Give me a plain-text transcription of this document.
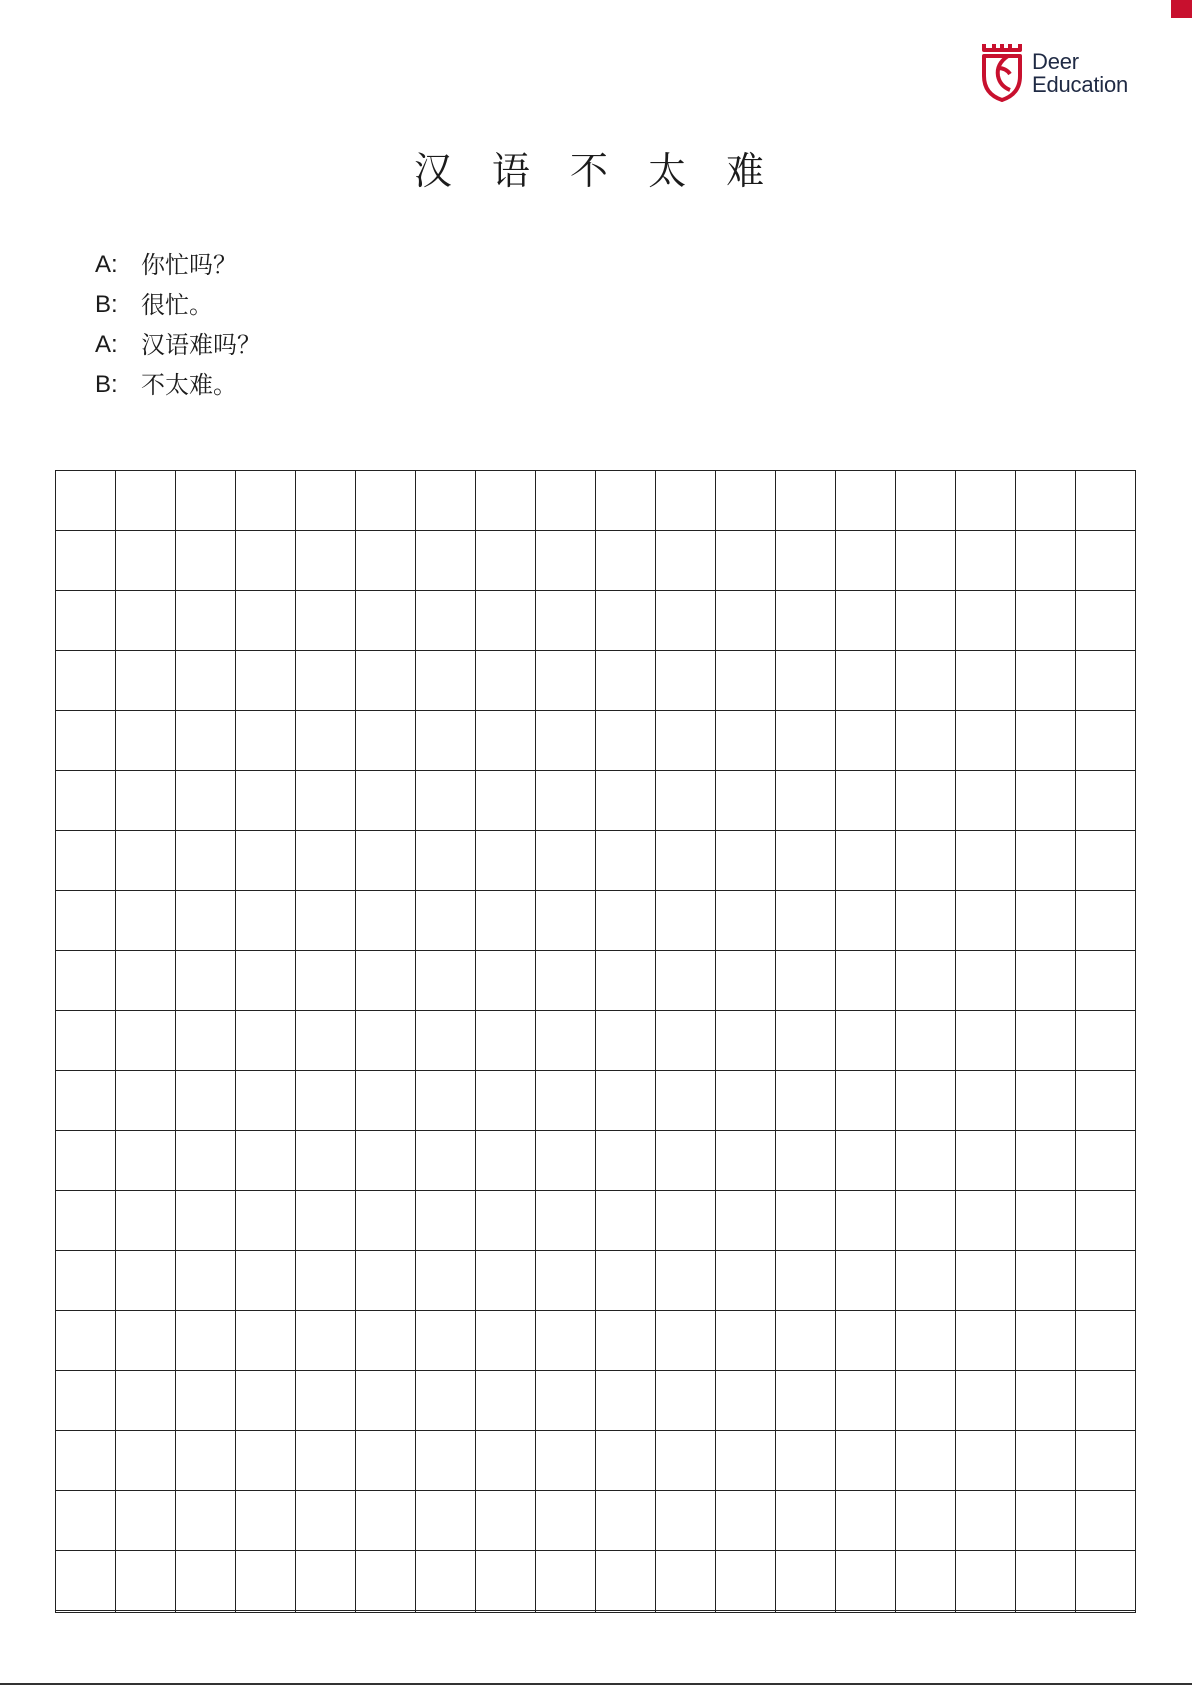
Deer
Education
汉 语 不 太 难
A: 你忙吗？
B: 很忙。
A: 汉语难吗？
B: 不太难。
